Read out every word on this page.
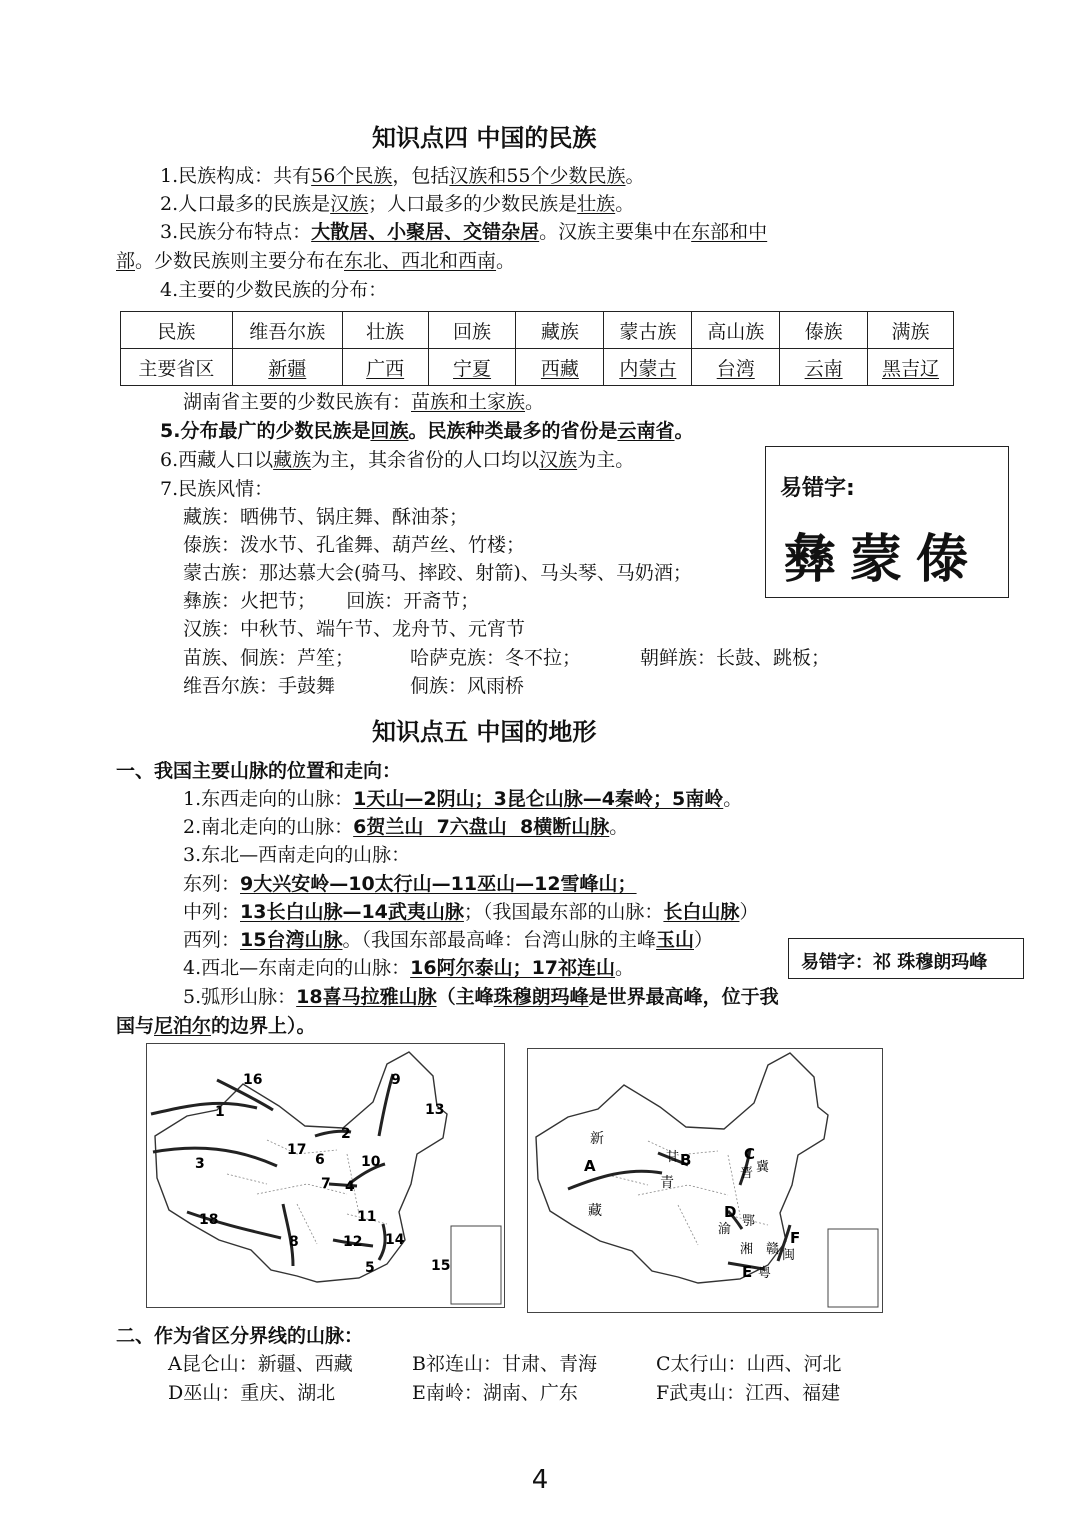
知识点四 中国的民族
1.民族构成：共有56个民族，包括汉族和55个少数民族。
2.人口最多的民族是汉族；人口最多的少数民族是壮族。
3.民族分布特点：大散居、小聚居、交错杂居。汉族主要集中在东部和中
部。少数民族则主要分布在东北、西北和西南。
4.主要的少数民族的分布：
民族	维吾尔族	壮族	回族	藏族	蒙古族	高山族	傣族	满族
主要省区	新疆	广西	宁夏	西藏	内蒙古	台湾	云南	黑吉辽
湖南省主要的少数民族有：苗族和土家族。
5.分布最广的少数民族是回族。民族种类最多的省份是云南省。
6.西藏人口以藏族为主，其余省份的人口均以汉族为主。
7.民族风情：
藏族：晒佛节、锅庄舞、酥油茶；
傣族：泼水节、孔雀舞、葫芦丝、竹楼；
蒙古族：那达慕大会(骑马、摔跤、射箭)、马头琴、马奶酒；
彝族：火把节；     回族：开斋节；
汉族：中秋节、端午节、龙舟节、元宵节
苗族、侗族：芦笙；	哈萨克族：冬不拉；	朝鲜族：长鼓、跳板；
维吾尔族：手鼓舞	侗族：风雨桥
易错字:
彝蒙傣
知识点五 中国的地形
一、我国主要山脉的位置和走向：
1.东西走向的山脉：1天山—2阴山；3昆仑山脉—4秦岭；5南岭。
2.南北走向的山脉：6贺兰山  7六盘山  8横断山脉。
3.东北—西南走向的山脉：
东列：9大兴安岭—10太行山—11巫山—12雪峰山；
中列：13长白山脉—14武夷山脉；（我国最东部的山脉：长白山脉）
西列：15台湾山脉。（我国东部最高峰：台湾山脉的主峰玉山）
4.西北—东南走向的山脉：16阿尔泰山；17祁连山。
5.弧形山脉：18喜马拉雅山脉（主峰珠穆朗玛峰是世界最高峰，位于我
国与尼泊尔的边界上）。
易错字：祁 珠穆朗玛峰
16	9
1	13
2
17
6	10
3
7 4
11
18
8	12 14
5	15
新
A
藏
甘 B
青
C
晋 冀
D
渝
鄂
湘 赣
E 粤
F
闽
二、作为省区分界线的山脉：
A昆仑山：新疆、西藏	B祁连山：甘肃、青海	C太行山：山西、河北
D巫山：重庆、湖北	E南岭：湖南、广东	F武夷山：江西、福建
4
